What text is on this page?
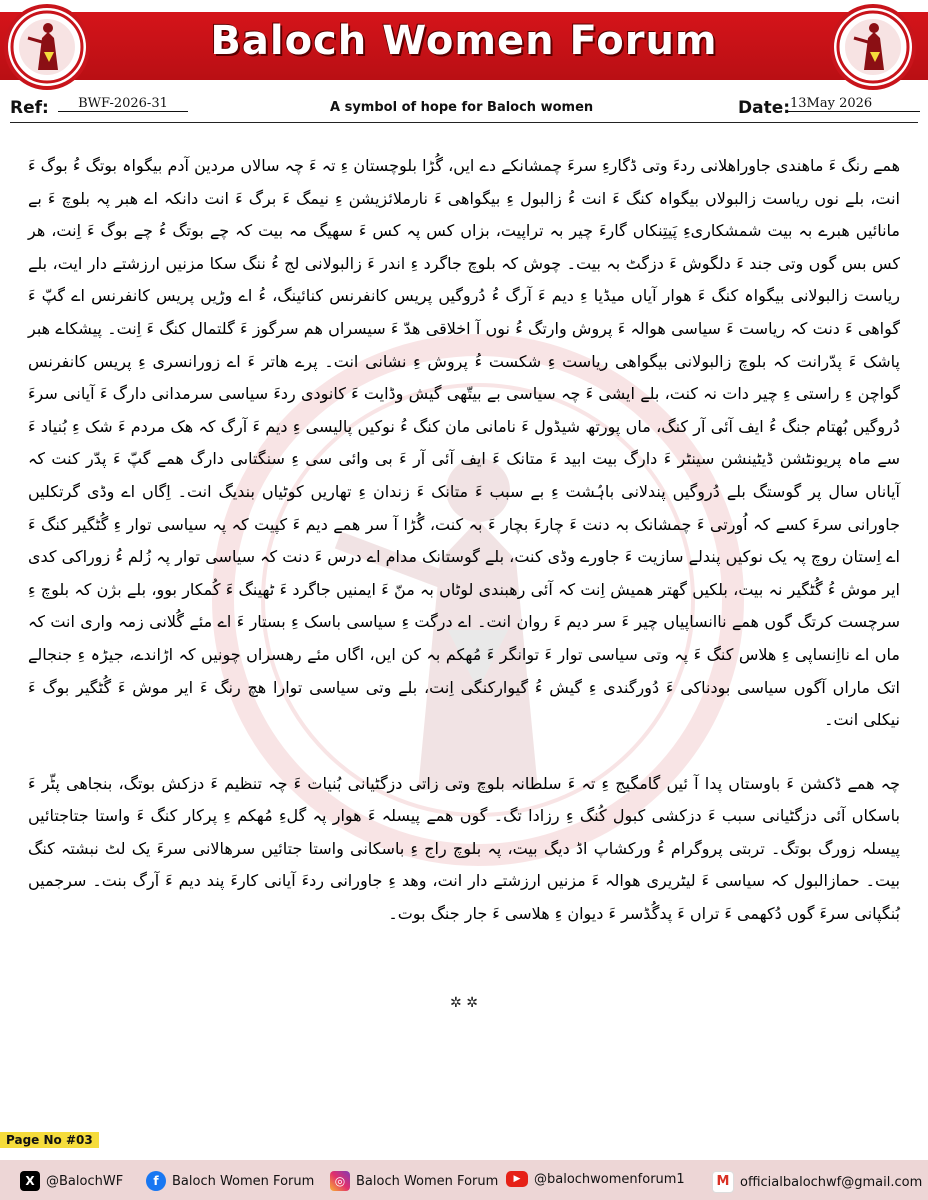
Baloch Women Forum
Ref:	BWF-2026-31	A symbol of hope for Baloch women	Date: 13May 2026

ھمے رنگ ءَ ماھندی جاوراھلانی ردءَ وتی ڈگارءِ سرءَ چمشانکے دے ایں، گُڑا بلوچستان ءِ تہ ءَ چہ سالاں مردین آدم بیگواہ بوتگ ءُ بوگ ءَ انت، بلے نوں ریاست زالبولاں بیگواہ کنگ ءَ انت ءُ زالبول ءِ بیگواھی ءَ نارملائزیشن ءِ نیمگ ءَ برگ ءَ انت دانکہ اے ھبر پہ بلوچ ءَ بے مانائیں ھبرے بہ بیت شمشکاریءِ پَیتِنکاں گارءَ چیر بہ تراپیت، بزاں کس پہ کس ءَ سھیگ مہ بیت کہ چے بوتگ ءُ چے بوگ ءَ اِنت، ھر کس بس گوں وتی جند ءَ دلگوش ءَ دزگٹ بہ بیت۔ چوش کہ بلوچ جاگرد ءِ اندر ءَ زالبولانی لج ءُ ننگ سکا مزنیں ارزشتے دار ایت، بلے ریاست زالبولانی بیگواہ کنگ ءَ ھوار آیاں میڈیا ءِ دیم ءَ آرگ ءُ دُروگیں پریس کانفرنس کنائینگ، ءُ اے وڑیں پریس کانفرنس اے گپّ ءَ گواھی ءَ دنت کہ ریاست ءَ سیاسی ھوالہ ءَ پروش وارتگ ءُ نوں آ اخلاقی ھدّ ءَ سیسراں ھم سرگوز ءَ گلتمال کنگ ءَ اِنت۔ پیشکاے ھبر پاشک ءَ پدّرانت کہ بلوچ زالبولانی بیگواھی ریاست ءِ شکست ءُ پروش ءِ نشانی انت۔ پرے ھاتر ءَ اے زورانسری ءِ پریس کانفرنس گواچن ءِ راستی ءِ چیر دات نہ کنت، بلے ایشی ءَ چہ سیاسی بے بیتّھی گیش وڈایت ءَ کانودی ردءَ سیاسی سرمدانی دارگ ءَ آیانی سرءَ دُروگیں بُھتام جنگ ءُ ایف آئی آر کنگ، ماں پورتھ شیڈول ءَ نامانی مان کنگ ءُ نوکیں پالیسی ءِ دیم ءَ آرگ کہ ھک مردم ءَ شک ءِ بُنیاد ءَ سے ماہ پریونٹشن ڈیٹینشن سینٹر ءَ دارگ بیت ابید ءَ متانک ءَ ایف آئی آر ءَ بی وائی سی ءِ سنگتاںی دارگ ھمے گپّ ءَ پدّر کنت کہ آیاناں سال پر گوستگ بلے دُروگیں پندلانی باہُشت ءِ بے سبب ءَ متانک ءَ زندان ءِ تھاریں کوٹیاں بندیگ انت۔ اِگاں اے وڈی گرتکلیں جاورانی سرءَ کسے کہ اُورتی ءَ چمشانک بہ دنت ءَ چارءَ بچار ءَ بہ کنت، گُڑا آ سر ھمے دیم ءَ کپیت کہ پہ سیاسی توار ءِ گُٹگیر کنگ ءَ اے اِستان روچ پہ یک نوکیں پندلے سازیت ءَ جاورے وڈی کنت، بلے گوستانک مدام اے درس ءَ دنت کہ سیاسی توار پہ زُلم ءُ زوراکی کدی ایر موش ءُ گُٹگیر نہ بیت، بلکیں گھتر ھمیش اِنت کہ آئی رھبندی لوٹاں بہ منّ ءَ ایمنیں جاگرد ءَ ٹھینگ ءَ کُمکار بوو، بلے بژن کہ بلوچ ءِ سرچست کرتگ گوں ھمے ناانساپیاں چیر ءَ سر دیم ءَ روان انت۔ اے درگت ءِ سیاسی باسک ءِ بستار ءَ اے مئے گُلانی زمہ واری انت کہ ماں اے نااِنساپی ءِ ھلاس کنگ ءَ پہ وتی سیاسی توار ءَ توانگر ءَ مُھکم بہ کن ایں، اگاں مئے رھسراں چونیں کہ اڑاندے، جیڑہ ءِ جنجالے اتک ماراں آگوں سیاسی بودناکی ءَ دُورگندی ءِ گیش ءُ گیوارکنگی اِنت، بلے وتی سیاسی توارا ھچ رنگ ءَ ایر موش ءَ گُٹگیر بوگ ءَ نیکلی انت۔

چہ ھمے ڈکشن ءَ باوستاں پدا آ ئیں گامگیج ءِ تہ ءَ سلطانہ بلوچ وتی زاتی دزگٹیانی بُنیات ءَ چہ تنظیم ءَ دزکش بوتگ، بنجاھی پٹّر ءَ باسکاں آئی دزگٹیانی سبب ءَ دزکشی کبول کُنگ ءِ رزادا تگ۔ گوں ھمے پیسلہ ءَ ھوار پہ گلءِ مُھکم ءِ پرکار کنگ ءَ واستا جتاجتائیں پیسلہ زورگ بوتگ۔ تربتی پروگرام ءُ ورکشاپ اڈ دیگ بیت، پہ بلوچ راج ءِ باسکانی واستا جتائیں سرھالانی سرءَ یک لٹ نبشتہ کنگ بیت۔ حمازالبول کہ سیاسی ءَ لیٹریری ھوالہ ءَ مزنیں ارزشتے دار انت، وھد ءِ جاورانی ردءَ آیانی کارءَ پند دیم ءَ آرگ بنت۔ سرجمیں بُنگپانی سرءَ گوں دُکھمی ءَ تراں ءَ پدگُڈسر ءَ دیوان ءِ ھلاسی ءَ جار جنگ بوت۔

✲ ✲
Page No #03
X @BalochWF	f	Baloch Women Forum	◎ Baloch Women Forum	▶	@balochwomenforum1	M officialbalochwf@gmail.com
